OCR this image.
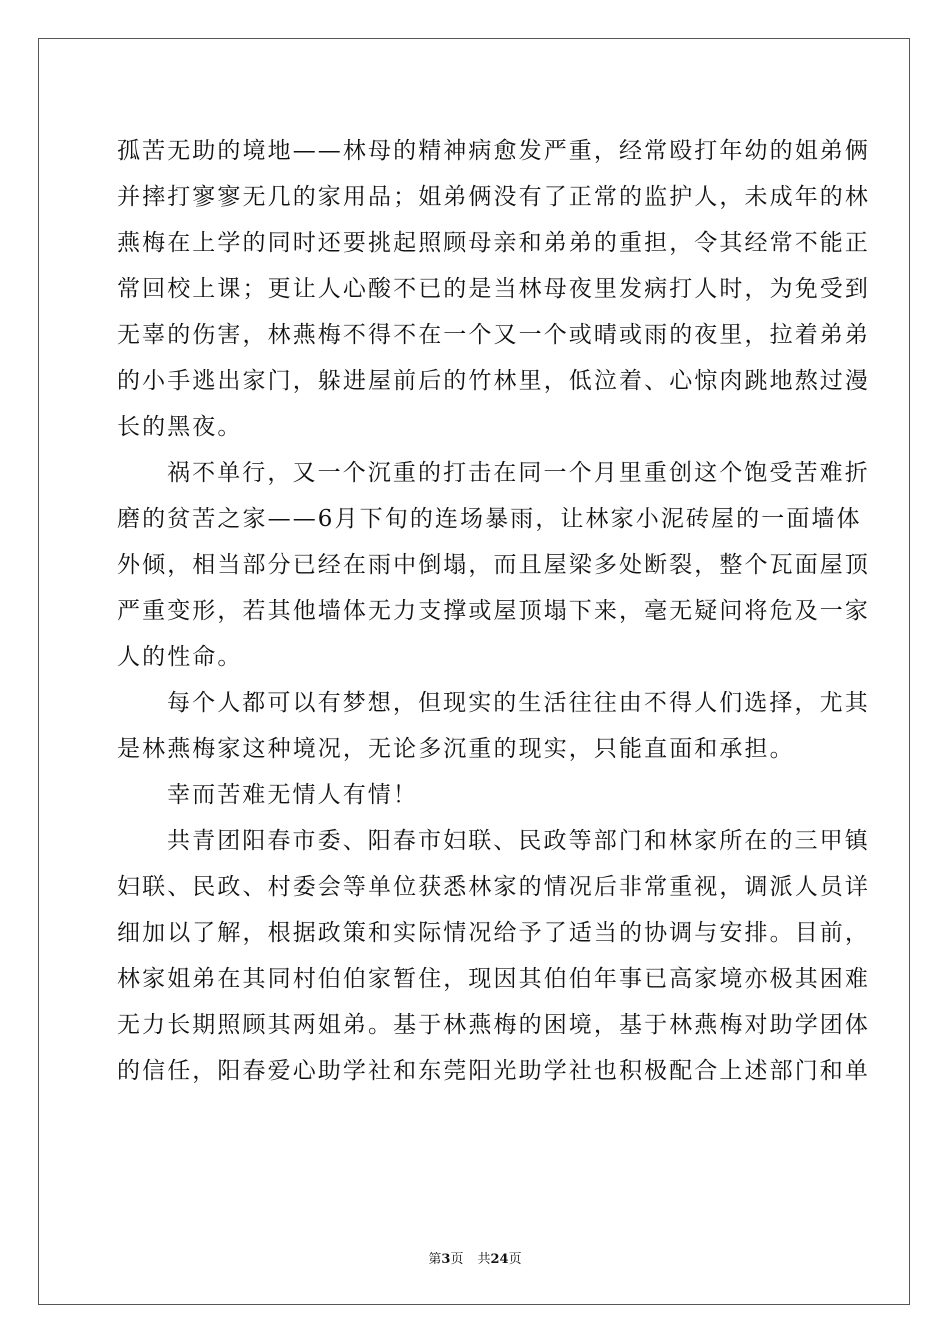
孤苦无助的境地——林母的精神病愈发严重，经常殴打年幼的姐弟俩
并摔打寥寥无几的家用品；姐弟俩没有了正常的监护人，未成年的林
燕梅在上学的同时还要挑起照顾母亲和弟弟的重担，令其经常不能正
常回校上课；更让人心酸不已的是当林母夜里发病打人时，为免受到
无辜的伤害，林燕梅不得不在一个又一个或晴或雨的夜里，拉着弟弟
的小手逃出家门，躲进屋前后的竹林里，低泣着、心惊肉跳地熬过漫
长的黑夜。
祸不单行，又一个沉重的打击在同一个月里重创这个饱受苦难折
磨的贫苦之家——6月下旬的连场暴雨，让林家小泥砖屋的一面墙体
外倾，相当部分已经在雨中倒塌，而且屋梁多处断裂，整个瓦面屋顶
严重变形，若其他墙体无力支撑或屋顶塌下来，毫无疑问将危及一家
人的性命。
每个人都可以有梦想，但现实的生活往往由不得人们选择，尤其
是林燕梅家这种境况，无论多沉重的现实，只能直面和承担。
幸而苦难无情人有情！
共青团阳春市委、阳春市妇联、民政等部门和林家所在的三甲镇
妇联、民政、村委会等单位获悉林家的情况后非常重视，调派人员详
细加以了解，根据政策和实际情况给予了适当的协调与安排。目前，
林家姐弟在其同村伯伯家暂住，现因其伯伯年事已高家境亦极其困难
无力长期照顾其两姐弟。基于林燕梅的困境，基于林燕梅对助学团体
的信任，阳春爱心助学社和东莞阳光助学社也积极配合上述部门和单
第3页 共24页
